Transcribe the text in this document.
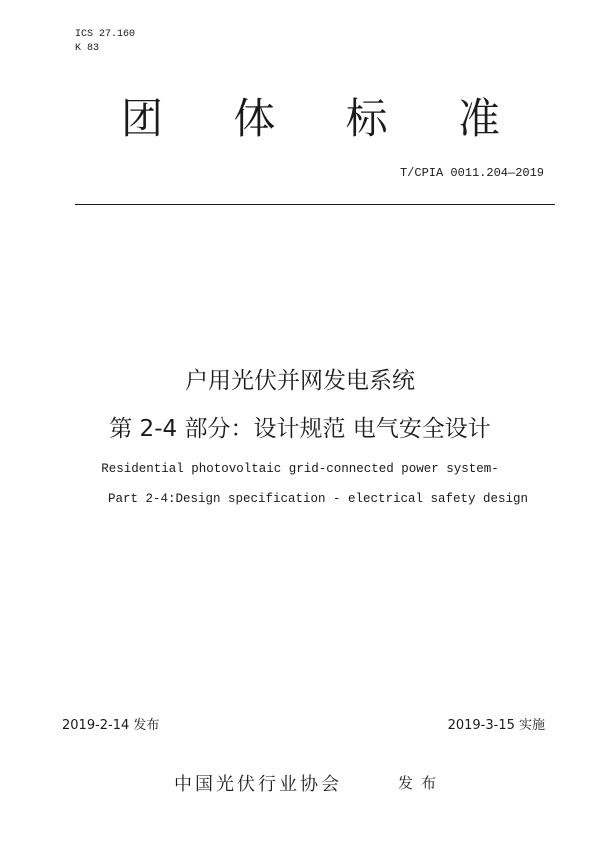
ICS 27.160
K 83
团 体 标 准
T/CPIA 0011.204—2019
户用光伏并网发电系统
第 2-4 部分：设计规范 电气安全设计
Residential photovoltaic grid-connected power system-
Part 2-4:Design specification - electrical safety design
2019-2-14 发布	2019-3-15 实施
中国光伏行业协会	发布
